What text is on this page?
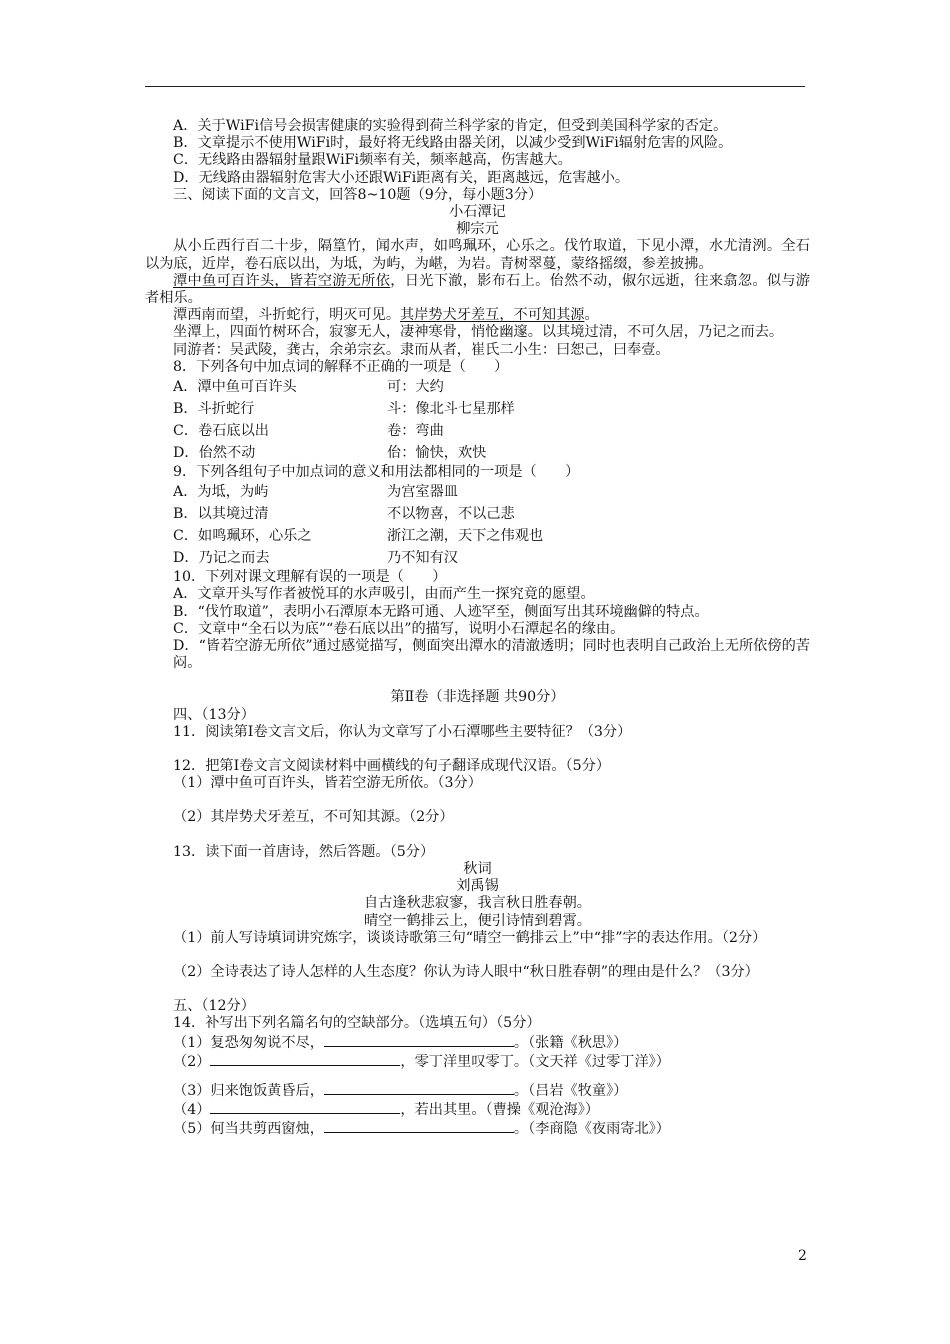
A．关于WiFi信号会损害健康的实验得到荷兰科学家的肯定，但受到美国科学家的否定。

B．文章提示不使用WiFi时，最好将无线路由器关闭，以减少受到WiFi辐射危害的风险。

C．无线路由器辐射量跟WiFi频率有关，频率越高，伤害越大。

D．无线路由器辐射危害大小还跟WiFi距离有关，距离越远，危害越小。

三、阅读下面的文言文，回答8~10题（9分，每小题3分）

小石潭记

柳宗元

从小丘西行百二十步，隔篁竹，闻水声，如鸣珮环，心乐之。伐竹取道，下见小潭，水尤清洌。全石以为底，近岸，卷石底以出，为坻，为屿，为嵁，为岩。青树翠蔓，蒙络摇缀，参差披拂。

潭中鱼可百许头，皆若空游无所依，日光下澈，影布石上。佁然不动，俶尔远逝，往来翕忽。似与游者相乐。

潭西南而望，斗折蛇行，明灭可见。其岸势犬牙差互，不可知其源。

坐潭上，四面竹树环合，寂寥无人，凄神寒骨，悄怆幽邃。以其境过清，不可久居，乃记之而去。

同游者：吴武陵，龚古，余弟宗玄。隶而从者，崔氏二小生：曰恕己，曰奉壹。

8．下列各句中加点词的解释不正确的一项是（　　）

A．潭中鱼可百许头	可：大约
B．斗折蛇行	斗：像北斗七星那样
C．卷石底以出	卷：弯曲
D．佁然不动	佁：愉快，欢快

9．下列各组句子中加点词的意义和用法都相同的一项是（　　）

A．为坻，为屿	为宫室器皿
B．以其境过清	不以物喜，不以己悲
C．如鸣珮环，心乐之	浙江之潮，天下之伟观也
D．乃记之而去	乃不知有汉

10．下列对课文理解有误的一项是（　　）

A．文章开头写作者被悦耳的水声吸引，由而产生一探究竟的愿望。

B．“伐竹取道”，表明小石潭原本无路可通、人迹罕至，侧面写出其环境幽僻的特点。

C．文章中“全石以为底”“卷石底以出”的描写，说明小石潭起名的缘由。

D．“皆若空游无所依”通过感觉描写，侧面突出潭水的清澈透明；同时也表明自己政治上无所依傍的苦闷。

第Ⅱ卷（非选择题 共90分）

四、（13分）

11．阅读第Ⅰ卷文言文后，你认为文章写了小石潭哪些主要特征？（3分）

12．把第Ⅰ卷文言文阅读材料中画横线的句子翻译成现代汉语。（5分）

（1）潭中鱼可百许头，皆若空游无所依。（3分）

（2）其岸势犬牙差互，不可知其源。（2分）

13．读下面一首唐诗，然后答题。（5分）

秋词

刘禹锡

自古逢秋悲寂寥，我言秋日胜春朝。

晴空一鹤排云上，便引诗情到碧霄。

（1）前人写诗填词讲究炼字，谈谈诗歌第三句“晴空一鹤排云上”中“排”字的表达作用。（2分）

（2）全诗表达了诗人怎样的人生态度？你认为诗人眼中“秋日胜春朝”的理由是什么？（3分）

五、（12分）

14．补写出下列名篇名句的空缺部分。（选填五句）（5分）

（1）复恐匆匆说不尽，	。（张籍《秋思》）

（2）	，零丁洋里叹零丁。（文天祥《过零丁洋》）

（3）归来饱饭黄昏后，	。（吕岩《牧童》）

（4）	，若出其里。（曹操《观沧海》）

（5）何当共剪西窗烛，	。（李商隐《夜雨寄北》）

2
